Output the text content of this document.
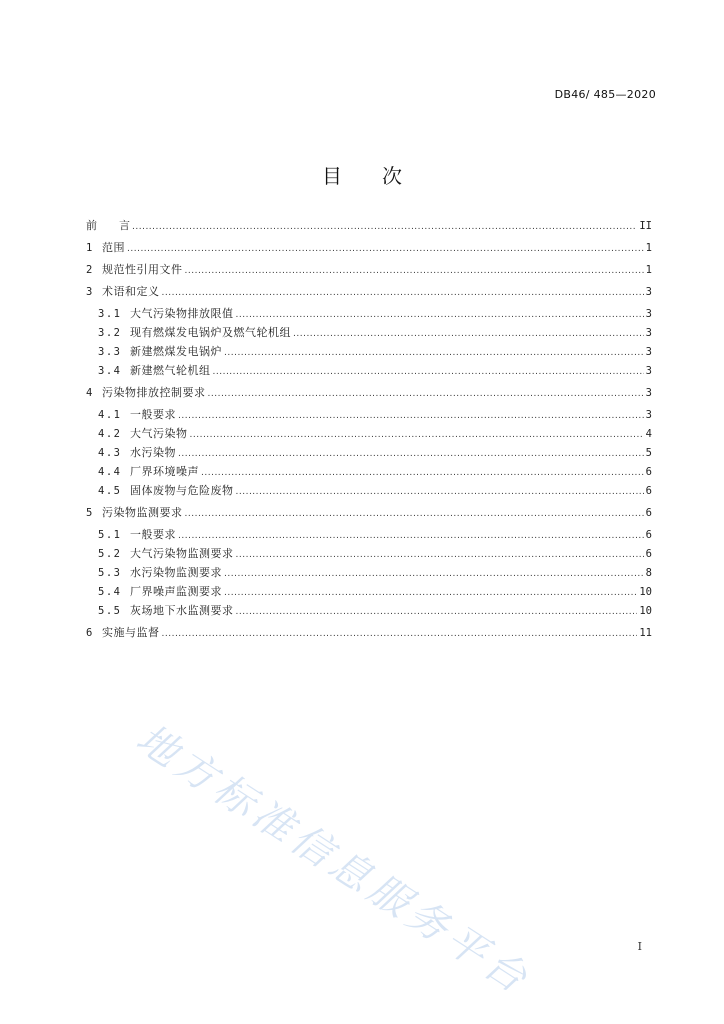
DB46/ 485—2020
目 次
前 言 .....	II
1 范围 .....	1
2 规范性引用文件 .....	1
3 术语和定义 .....	3
3.1 大气污染物排放限值 .....	3
3.2 现有燃煤发电锅炉及燃气轮机组 .....	3
3.3 新建燃煤发电锅炉 .....	3
3.4 新建燃气轮机组 .....	3
4 污染物排放控制要求 .....	3
4.1 一般要求 .....	3
4.2 大气污染物 .....	4
4.3 水污染物 .....	5
4.4 厂界环境噪声 .....	6
4.5 固体废物与危险废物 .....	6
5 污染物监测要求 .....	6
5.1 一般要求 .....	6
5.2 大气污染物监测要求 .....	6
5.3 水污染物监测要求 .....	8
5.4 厂界噪声监测要求 .....	10
5.5 灰场地下水监测要求 .....	10
6 实施与监督 .....	11
地方标准信息服务平台	I
